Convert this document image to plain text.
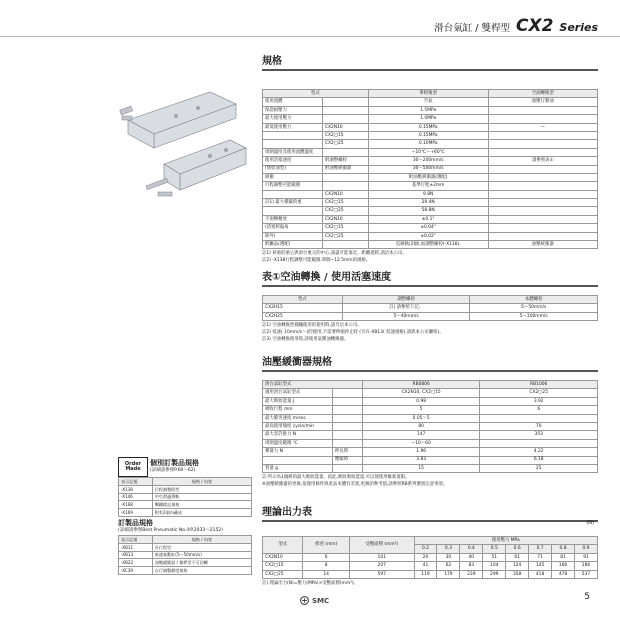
滑台氣缸 / 雙桿型 CX2 Series
規格
型式		單桿後型	空油轉換型
使用流體		空氣	油壓行動油
保證耐壓力		1.5MPa	
最大使用壓力		1.0MPa	
最低使用壓力	CX2N10	0.15MPa	—
	CX2□15	0.15MPa	
	CX2□25	0.10MPa	
周圍溫度及使用流體溫度		−10℃〜+60℃	
使用活塞速度	附調整螺栓	30〜200mm/s	請參照表①
(無給油型)	附油壓緩衝器	30〜500mm/s	
緩衝		附油壓緩衝器(選配)	
行程調整可能範圍		基準行程±2mm	
	CX2N10	9.8N	
註1) 最大積載荷重	CX2□15	29.4N	
	CX2□25	58.8N	
不迴轉精度	CX2N10	±0.1°	
(活塞桿偏角	CX2□15	±0.04°	
除外)	CX2□25	±0.02°	
附屬品(選配)		直線軌(2個),加調整螺栓(-X138),	油壓緩衝器
註1) 荷重的重心與滑台重元的中心,請盡可能靠近。距離過時,請洽本公司。
註2) -X138行程調整可能範圍,單側−12.5mm的規格。
表①空油轉換 / 使用活塞速度
型式	調整螺栓	本體螺栓
CX2H15	註) 請參照下記。	5〜50mm/s
CX2H25	5〜40mm/s	5〜100mm/s
註1) 空油轉換型插繩使用的使用時,請另洽本公司。
註2) 低速( 10mm/s〜)的使用,不需要伸縮停止時 (另有-XB13( 低速規格),請與本公司聯絡)。
註3) 空油轉換使用時,請使用氣壓油轉換器。
油壓緩衝器規格
滑台氣缸型式		RB0806	RB1006
適用滑台氣缸型式		CX2N10, CX2□15	CX2□25
最大吸收能量 J		0.98	3.92
吸收行程 mm		5	6
最大衝突速度 m/sec		0.05〜5	
最高使用頻度 cycle/min		80	70
最大容許推力 N		147	353
周圍溫度範圍 ℃		−10〜60	
彈簧力 N	伸長時	1.96	4.22
	壓縮時	3.83	6.18
質量 g		15	25
註:所示為1個緩的最大吸收能量。依此,吸收吸收能量,可以使使用維新值限。
※油壓緩衝器的更換,依使用條件與產品本體有差異,更換的參考值,請參照RB系列選別注意事項。
理論出力表
型式	桿徑 (mm)	受壓面積 (mm²)	使用壓力 MPa							
			0.2	0.3	0.4	0.5	0.6	0.7	0.8	0.9
CX2N10	6	101	20	30	40	51	61	71	81	91
CX2□15	8	207	41	62	83	104	124	145	166	186
CX2□25	14	597	119	179	239	299	358	418	478	537
註) 理論出力(N)=壓力(MPa)×受壓面積(mm²)。
(N)
Order
Made
個別訂製品規格
(詳細請參照P.60〜62)
表示記號	規格 / 內容
-X138	行程調整附型
-X146	中空滑適導軌
-X168	擊鐵標記規格
-X169	附有2個內藏成
訂製品規格
(詳細請參照Best Pneumatic No.③P.2033〜2152)
表示記號	規格 / 內容
-XB11	長行程型
-XB13	低速氣動缸(5〜50mm/s)
-XB22	油壓緩衝器 / 擋桿型不可回轉
-XC39	自行調整靜度規格
SMC	5
